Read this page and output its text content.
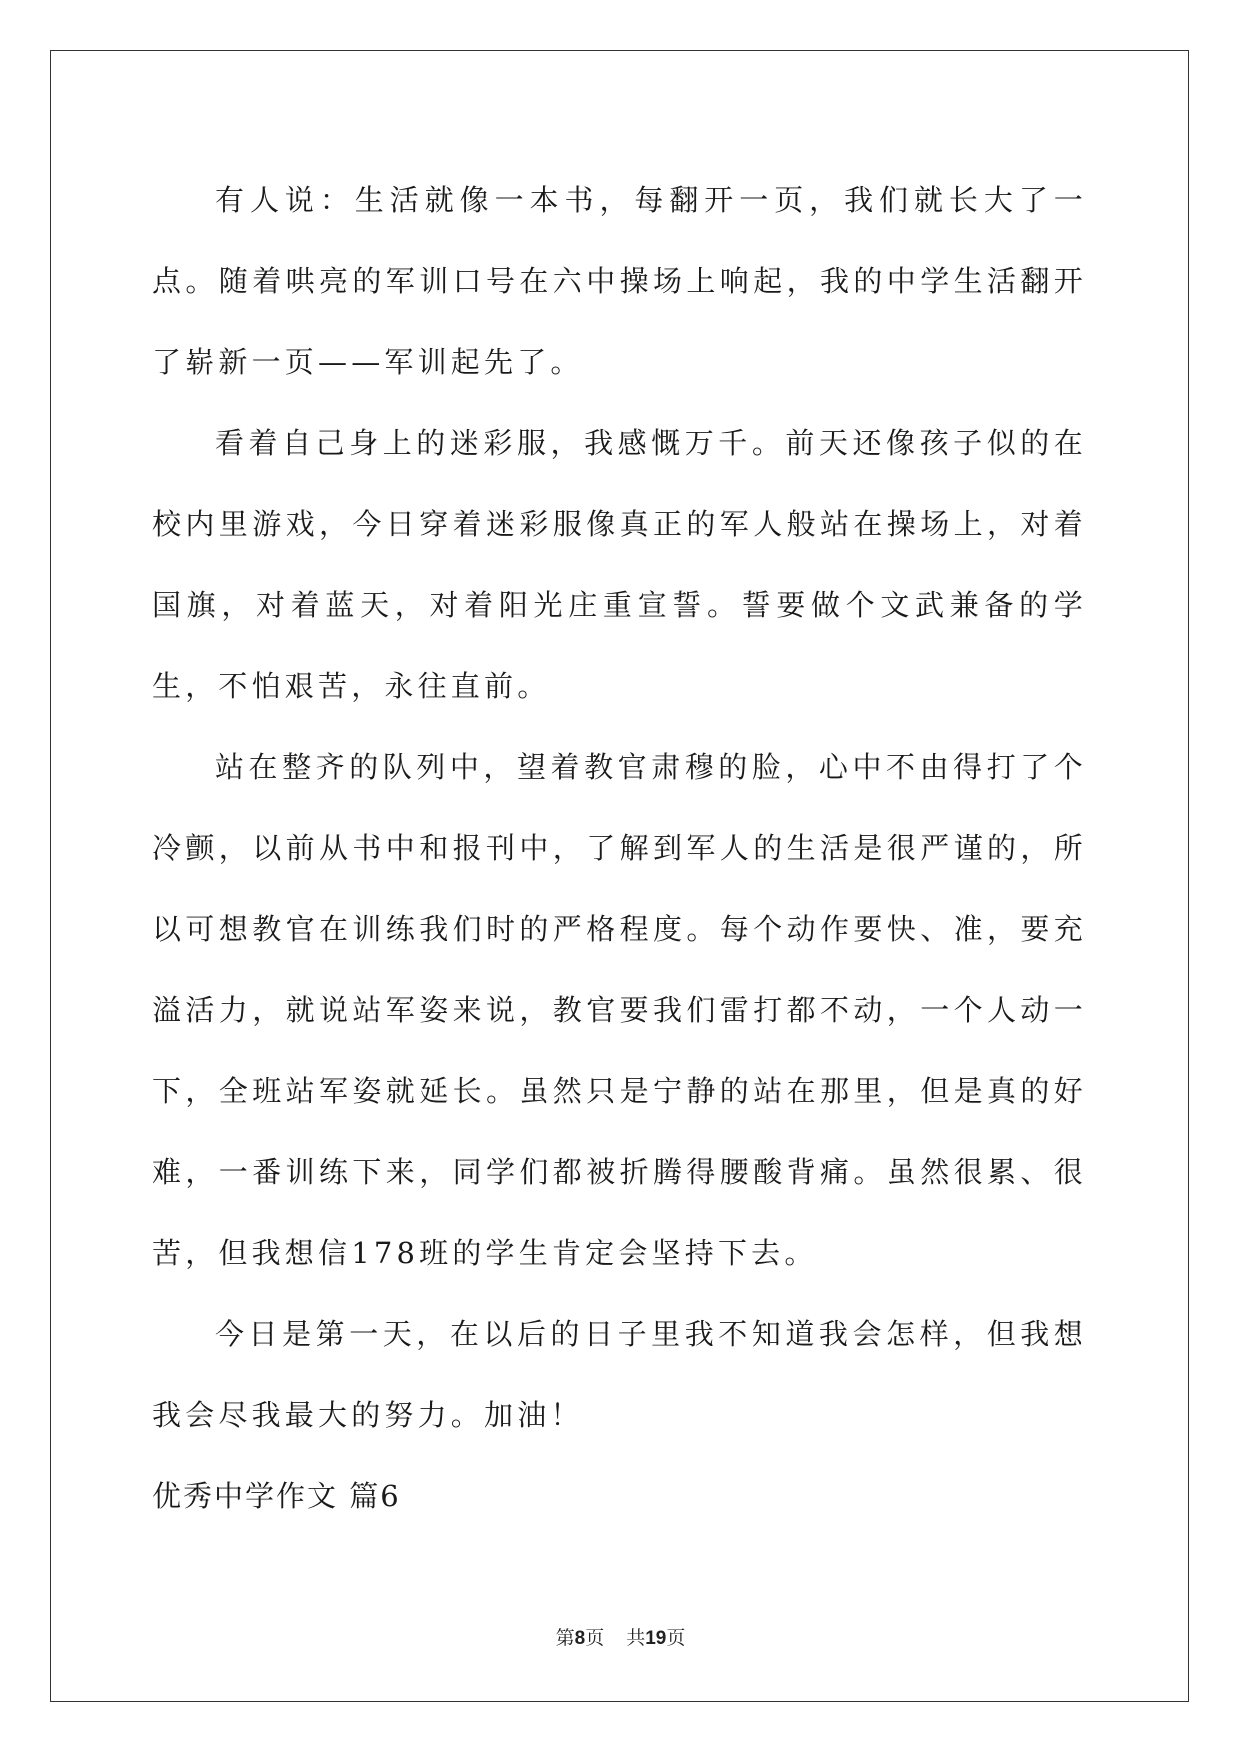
有人说：生活就像一本书，每翻开一页，我们就长大了一点。随着哄亮的军训口号在六中操场上响起，我的中学生活翻开了崭新一页——军训起先了。

看着自己身上的迷彩服，我感慨万千。前天还像孩子似的在校内里游戏，今日穿着迷彩服像真正的军人般站在操场上，对着国旗，对着蓝天，对着阳光庄重宣誓。誓要做个文武兼备的学生，不怕艰苦，永往直前。

站在整齐的队列中，望着教官肃穆的脸，心中不由得打了个冷颤，以前从书中和报刊中，了解到军人的生活是很严谨的，所以可想教官在训练我们时的严格程度。每个动作要快、准，要充溢活力，就说站军姿来说，教官要我们雷打都不动，一个人动一下，全班站军姿就延长。虽然只是宁静的站在那里，但是真的好难，一番训练下来，同学们都被折腾得腰酸背痛。虽然很累、很苦，但我想信178班的学生肯定会坚持下去。

今日是第一天，在以后的日子里我不知道我会怎样，但我想我会尽我最大的努力。加油！

优秀中学作文 篇6

第8页 共19页
